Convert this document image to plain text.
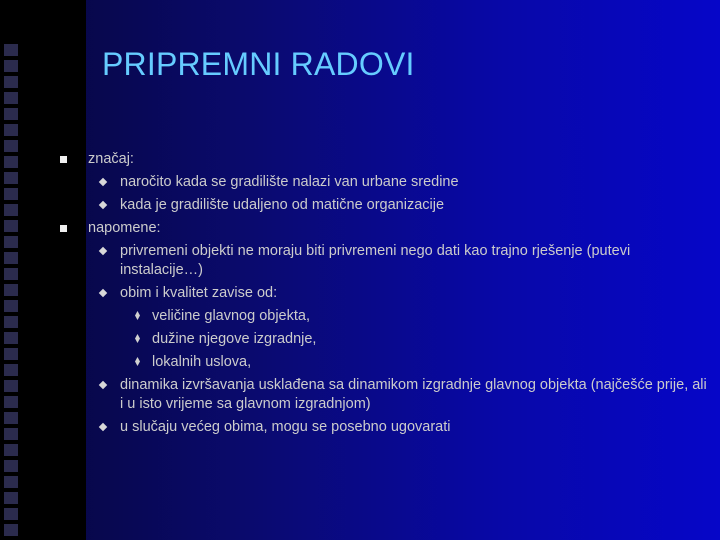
PRIPREMNI RADOVI
značaj:
naročito kada se gradilište nalazi van urbane sredine
kada je gradilište udaljeno od matične organizacije
napomene:
privremeni objekti ne moraju biti privremeni nego dati kao trajno rješenje (putevi instalacije…)
obim i kvalitet zavise od:
veličine glavnog objekta,
dužine njegove izgradnje,
lokalnih uslova,
dinamika izvršavanja usklađena sa dinamikom izgradnje glavnog objekta (najčešće prije, ali i u isto vrijeme sa glavnom izgradnjom)
u slučaju većeg obima, mogu se posebno ugovarati
